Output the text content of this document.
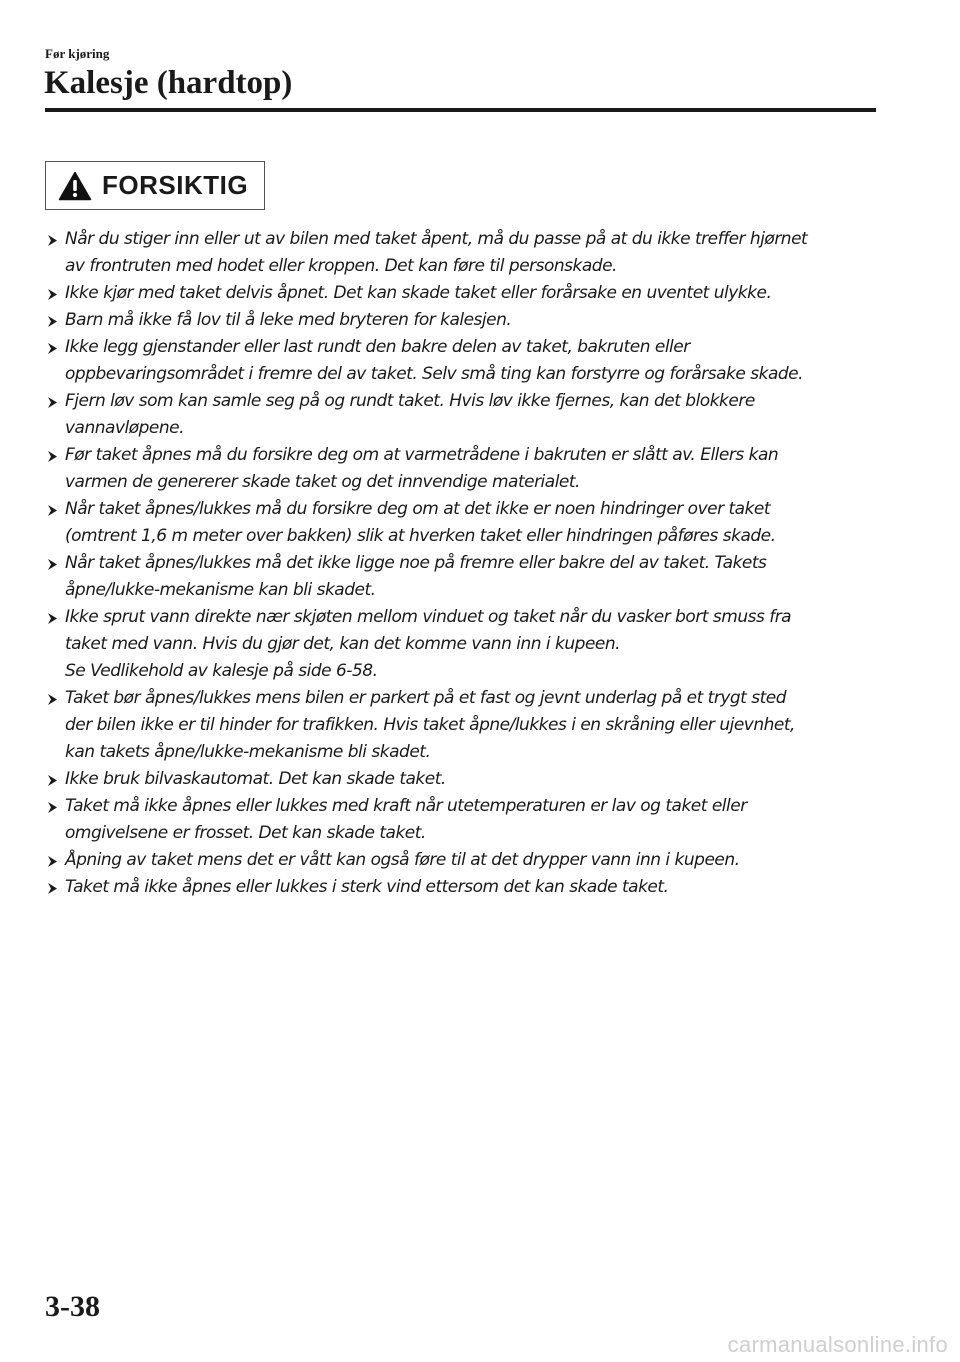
Før kjøring
Kalesje (hardtop)
FORSIKTIG
Når du stiger inn eller ut av bilen med taket åpent, må du passe på at du ikke treffer hjørnet
av frontruten med hodet eller kroppen. Det kan føre til personskade.
Ikke kjør med taket delvis åpnet. Det kan skade taket eller forårsake en uventet ulykke.
Barn må ikke få lov til å leke med bryteren for kalesjen.
Ikke legg gjenstander eller last rundt den bakre delen av taket, bakruten eller
oppbevaringsområdet i fremre del av taket. Selv små ting kan forstyrre og forårsake skade.
Fjern løv som kan samle seg på og rundt taket. Hvis løv ikke fjernes, kan det blokkere
vannavløpene.
Før taket åpnes må du forsikre deg om at varmetrådene i bakruten er slått av. Ellers kan
varmen de genererer skade taket og det innvendige materialet.
Når taket åpnes/lukkes må du forsikre deg om at det ikke er noen hindringer over taket
(omtrent 1,6 m meter over bakken) slik at hverken taket eller hindringen påføres skade.
Når taket åpnes/lukkes må det ikke ligge noe på fremre eller bakre del av taket. Takets
åpne/lukke-mekanisme kan bli skadet.
Ikke sprut vann direkte nær skjøten mellom vinduet og taket når du vasker bort smuss fra
taket med vann. Hvis du gjør det, kan det komme vann inn i kupeen.
Se Vedlikehold av kalesje på side 6-58.
Taket bør åpnes/lukkes mens bilen er parkert på et fast og jevnt underlag på et trygt sted
der bilen ikke er til hinder for trafikken. Hvis taket åpne/lukkes i en skråning eller ujevnhet,
kan takets åpne/lukke-mekanisme bli skadet.
Ikke bruk bilvaskautomat. Det kan skade taket.
Taket må ikke åpnes eller lukkes med kraft når utetemperaturen er lav og taket eller
omgivelsene er frosset. Det kan skade taket.
Åpning av taket mens det er vått kan også føre til at det drypper vann inn i kupeen.
Taket må ikke åpnes eller lukkes i sterk vind ettersom det kan skade taket.
3-38
carmanualsonline.info
